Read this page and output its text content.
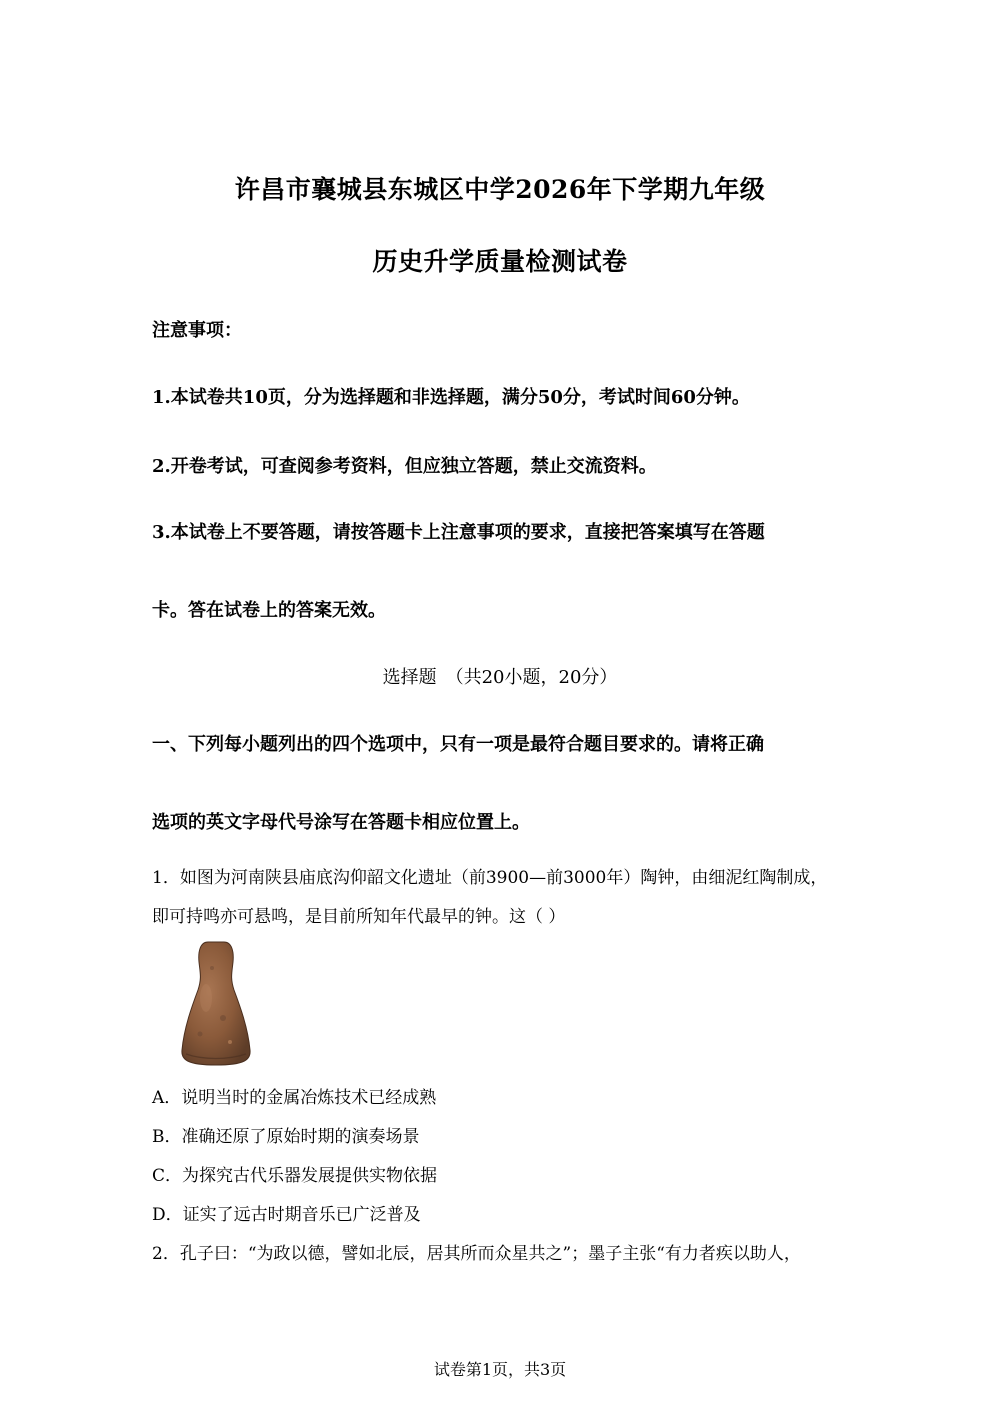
许昌市襄城县东城区中学2026年下学期九年级
历史升学质量检测试卷
注意事项：
1.本试卷共10页，分为选择题和非选择题，满分50分，考试时间60分钟。
2.开卷考试，可查阅参考资料，但应独立答题，禁止交流资料。
3.本试卷上不要答题，请按答题卡上注意事项的要求，直接把答案填写在答题
卡。答在试卷上的答案无效。
选择题　（共20小题，20分）
一、下列每小题列出的四个选项中，只有一项是最符合题目要求的。请将正确
选项的英文字母代号涂写在答题卡相应位置上。
1．如图为河南陕县庙底沟仰韶文化遗址（前3900—前3000年）陶钟，由细泥红陶制成，
即可持鸣亦可悬鸣，是目前所知年代最早的钟。这（ ）
A．说明当时的金属冶炼技术已经成熟
B．准确还原了原始时期的演奏场景
C．为探究古代乐器发展提供实物依据
D．证实了远古时期音乐已广泛普及
2．孔子曰：“为政以德，譬如北辰，居其所而众星共之”；墨子主张“有力者疾以助人，
试卷第1页，共3页
